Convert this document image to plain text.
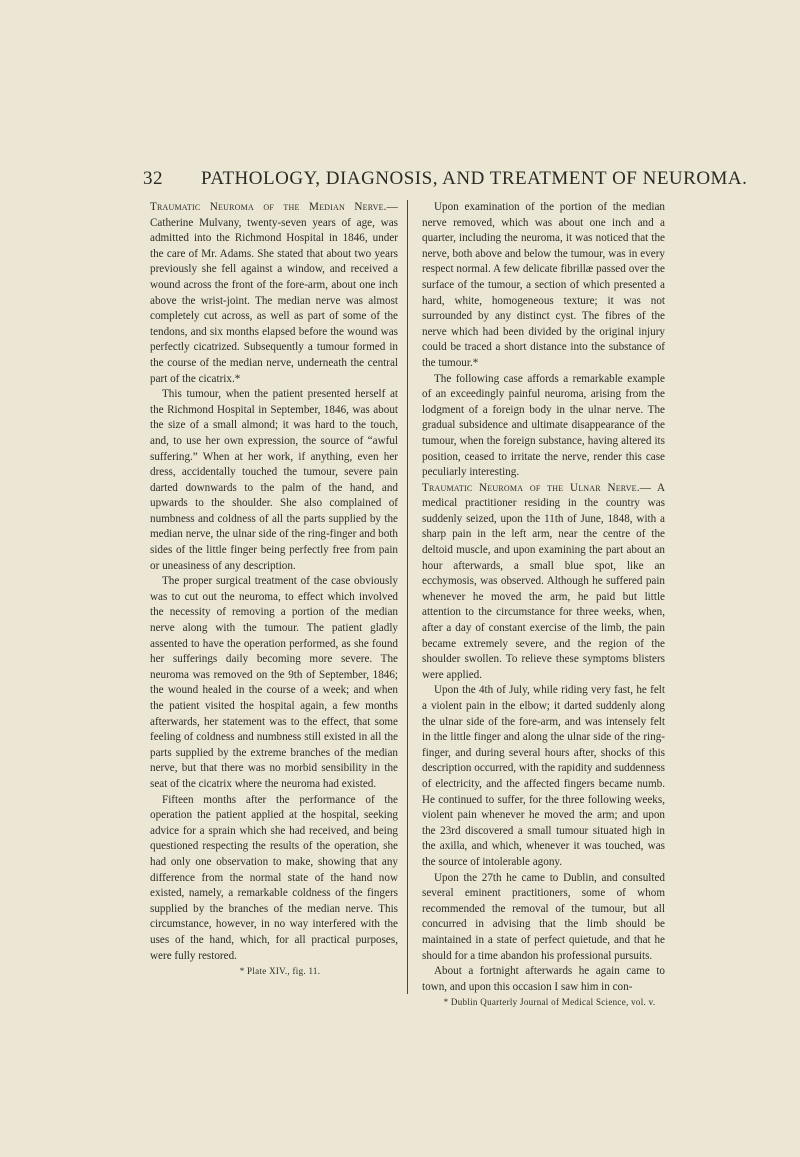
32 PATHOLOGY, DIAGNOSIS, AND TREATMENT OF NEUROMA.

Traumatic Neuroma of the Median Nerve.— Catherine Mulvany, twenty-seven years of age, was admitted into the Richmond Hospital in 1846, under the care of Mr. Adams. She stated that about two years previously she fell against a window, and received a wound across the front of the fore-arm, about one inch above the wrist-joint. The median nerve was almost completely cut across, as well as part of some of the tendons, and six months elapsed before the wound was perfectly cicatrized. Subsequently a tumour formed in the course of the median nerve, underneath the central part of the cicatrix.*

This tumour, when the patient presented herself at the Richmond Hospital in September, 1846, was about the size of a small almond; it was hard to the touch, and, to use her own expression, the source of “awful suffering.” When at her work, if anything, even her dress, accidentally touched the tumour, severe pain darted downwards to the palm of the hand, and upwards to the shoulder. She also complained of numbness and coldness of all the parts supplied by the median nerve, the ulnar side of the ring-finger and both sides of the little finger being perfectly free from pain or uneasiness of any description.

The proper surgical treatment of the case obviously was to cut out the neuroma, to effect which involved the necessity of removing a portion of the median nerve along with the tumour. The patient gladly assented to have the operation performed, as she found her sufferings daily becoming more severe. The neuroma was removed on the 9th of September, 1846; the wound healed in the course of a week; and when the patient visited the hospital again, a few months afterwards, her statement was to the effect, that some feeling of coldness and numbness still existed in all the parts supplied by the extreme branches of the median nerve, but that there was no morbid sensibility in the seat of the cicatrix where the neuroma had existed.

Fifteen months after the performance of the operation the patient applied at the hospital, seeking advice for a sprain which she had received, and being questioned respecting the results of the operation, she had only one observation to make, showing that any difference from the normal state of the hand now existed, namely, a remarkable coldness of the fingers supplied by the branches of the median nerve. This circumstance, however, in no way interfered with the uses of the hand, which, for all practical purposes, were fully restored.

* Plate XIV., fig. 11.

Upon examination of the portion of the median nerve removed, which was about one inch and a quarter, including the neuroma, it was noticed that the nerve, both above and below the tumour, was in every respect normal. A few delicate fibrillæ passed over the surface of the tumour, a section of which presented a hard, white, homogeneous texture; it was not surrounded by any distinct cyst. The fibres of the nerve which had been divided by the original injury could be traced a short distance into the substance of the tumour.*

The following case affords a remarkable example of an exceedingly painful neuroma, arising from the lodgment of a foreign body in the ulnar nerve. The gradual subsidence and ultimate disappearance of the tumour, when the foreign substance, having altered its position, ceased to irritate the nerve, render this case peculiarly interesting.

Traumatic Neuroma of the Ulnar Nerve.— A medical practitioner residing in the country was suddenly seized, upon the 11th of June, 1848, with a sharp pain in the left arm, near the centre of the deltoid muscle, and upon examining the part about an hour afterwards, a small blue spot, like an ecchymosis, was observed. Although he suffered pain whenever he moved the arm, he paid but little attention to the circumstance for three weeks, when, after a day of constant exercise of the limb, the pain became extremely severe, and the region of the shoulder swollen. To relieve these symptoms blisters were applied.

Upon the 4th of July, while riding very fast, he felt a violent pain in the elbow; it darted suddenly along the ulnar side of the fore-arm, and was intensely felt in the little finger and along the ulnar side of the ring-finger, and during several hours after, shocks of this description occurred, with the rapidity and suddenness of electricity, and the affected fingers became numb. He continued to suffer, for the three following weeks, violent pain whenever he moved the arm; and upon the 23rd discovered a small tumour situated high in the axilla, and which, whenever it was touched, was the source of intolerable agony.

Upon the 27th he came to Dublin, and consulted several eminent practitioners, some of whom recommended the removal of the tumour, but all concurred in advising that the limb should be maintained in a state of perfect quietude, and that he should for a time abandon his professional pursuits.

About a fortnight afterwards he again came to town, and upon this occasion I saw him in con-

* Dublin Quarterly Journal of Medical Science, vol. v.
